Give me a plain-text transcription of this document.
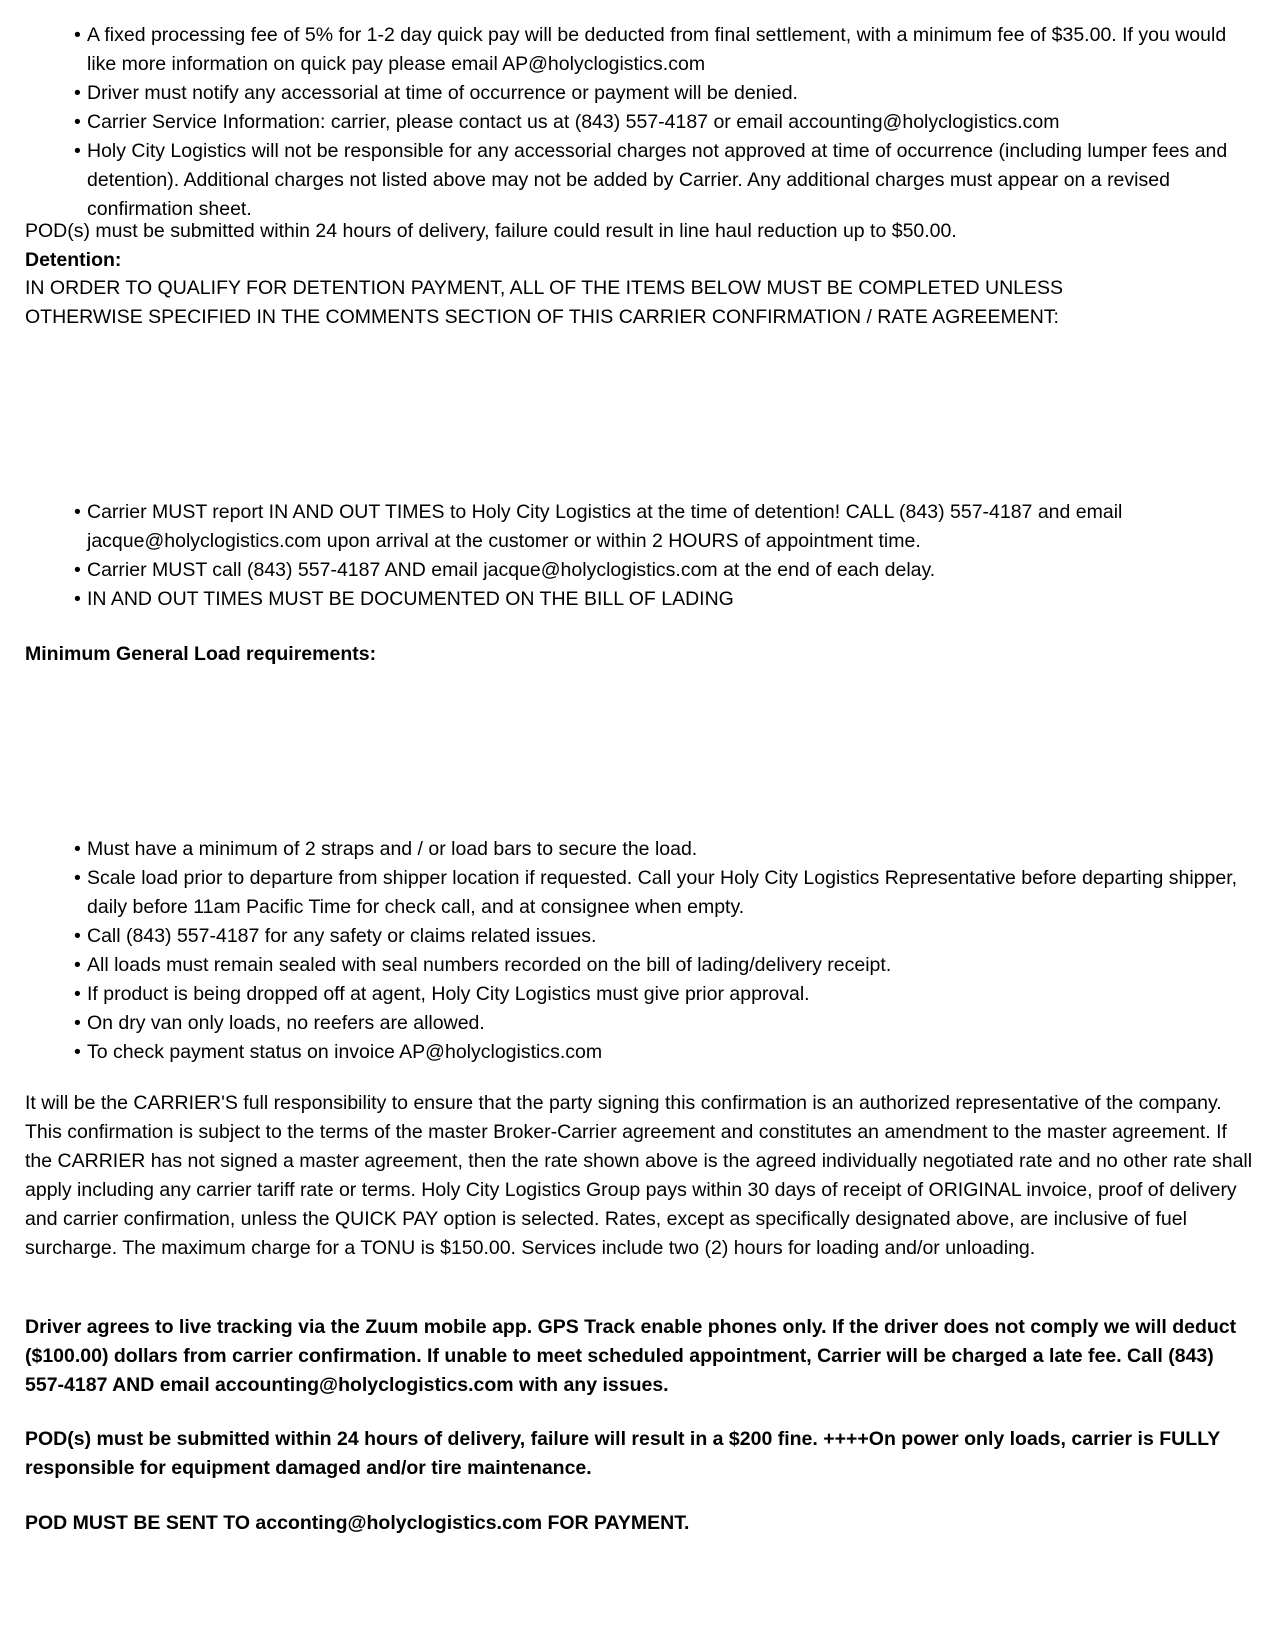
• A fixed processing fee of 5% for 1-2 day quick pay will be deducted from final settlement, with a minimum fee of $35.00. If you would like more information on quick pay please email AP@holyclogistics.com
• Driver must notify any accessorial at time of occurrence or payment will be denied.
• Carrier Service Information: carrier, please contact us at (843) 557-4187 or email accounting@holyclogistics.com
• Holy City Logistics will not be responsible for any accessorial charges not approved at time of occurrence (including lumper fees and detention). Additional charges not listed above may not be added by Carrier. Any additional charges must appear on a revised confirmation sheet.

POD(s) must be submitted within 24 hours of delivery, failure could result in line haul reduction up to $50.00.

Detention:

IN ORDER TO QUALIFY FOR DETENTION PAYMENT, ALL OF THE ITEMS BELOW MUST BE COMPLETED UNLESS OTHERWISE SPECIFIED IN THE COMMENTS SECTION OF THIS CARRIER CONFIRMATION / RATE AGREEMENT:

• Carrier MUST report IN AND OUT TIMES to Holy City Logistics at the time of detention! CALL (843) 557-4187 and email jacque@holyclogistics.com upon arrival at the customer or within 2 HOURS of appointment time.
• Carrier MUST call (843) 557-4187 AND email jacque@holyclogistics.com at the end of each delay.
• IN AND OUT TIMES MUST BE DOCUMENTED ON THE BILL OF LADING

Minimum General Load requirements:

• Must have a minimum of 2 straps and / or load bars to secure the load.
• Scale load prior to departure from shipper location if requested. Call your Holy City Logistics Representative before departing shipper, daily before 11am Pacific Time for check call, and at consignee when empty.
• Call (843) 557-4187 for any safety or claims related issues.
• All loads must remain sealed with seal numbers recorded on the bill of lading/delivery receipt.
• If product is being dropped off at agent, Holy City Logistics must give prior approval.
• On dry van only loads, no reefers are allowed.
• To check payment status on invoice AP@holyclogistics.com

It will be the CARRIER'S full responsibility to ensure that the party signing this confirmation is an authorized representative of the company. This confirmation is subject to the terms of the master Broker-Carrier agreement and constitutes an amendment to the master agreement. If the CARRIER has not signed a master agreement, then the rate shown above is the agreed individually negotiated rate and no other rate shall apply including any carrier tariff rate or terms. Holy City Logistics Group pays within 30 days of receipt of ORIGINAL invoice, proof of delivery and carrier confirmation, unless the QUICK PAY option is selected. Rates, except as specifically designated above, are inclusive of fuel surcharge. The maximum charge for a TONU is $150.00. Services include two (2) hours for loading and/or unloading.

Driver agrees to live tracking via the Zuum mobile app. GPS Track enable phones only. If the driver does not comply we will deduct ($100.00) dollars from carrier confirmation. If unable to meet scheduled appointment, Carrier will be charged a late fee. Call (843) 557-4187 AND email accounting@holyclogistics.com with any issues.

POD(s) must be submitted within 24 hours of delivery, failure will result in a $200 fine. ++++On power only loads, carrier is FULLY responsible for equipment damaged and/or tire maintenance.

POD MUST BE SENT TO acconting@holyclogistics.com FOR PAYMENT.
